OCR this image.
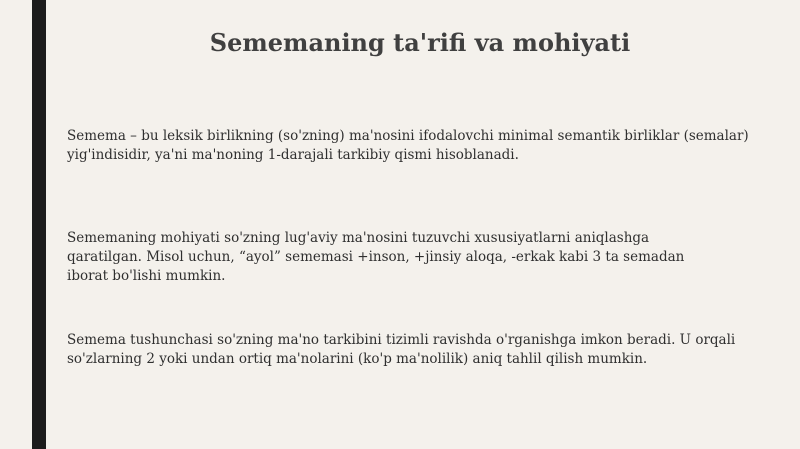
Sememaning ta'rifi va mohiyati
Semema – bu leksik birlikning (so'zning) ma'nosini ifodalovchi minimal semantik birliklar (semalar) yig'indisidir, ya'ni ma'noning 1-darajali tarkibiy qismi hisoblanadi.
Sememaning mohiyati so'zning lug'aviy ma'nosini tuzuvchi xususiyatlarni aniqlashga qaratilgan. Misol uchun, “ayol” sememasi +inson, +jinsiy aloqa, -erkak kabi 3 ta semadan iborat bo'lishi mumkin.
Semema tushunchasi so'zning ma'no tarkibini tizimli ravishda o'rganishga imkon beradi. U orqali so'zlarning 2 yoki undan ortiq ma'nolarini (ko'p ma'nolilik) aniq tahlil qilish mumkin.
